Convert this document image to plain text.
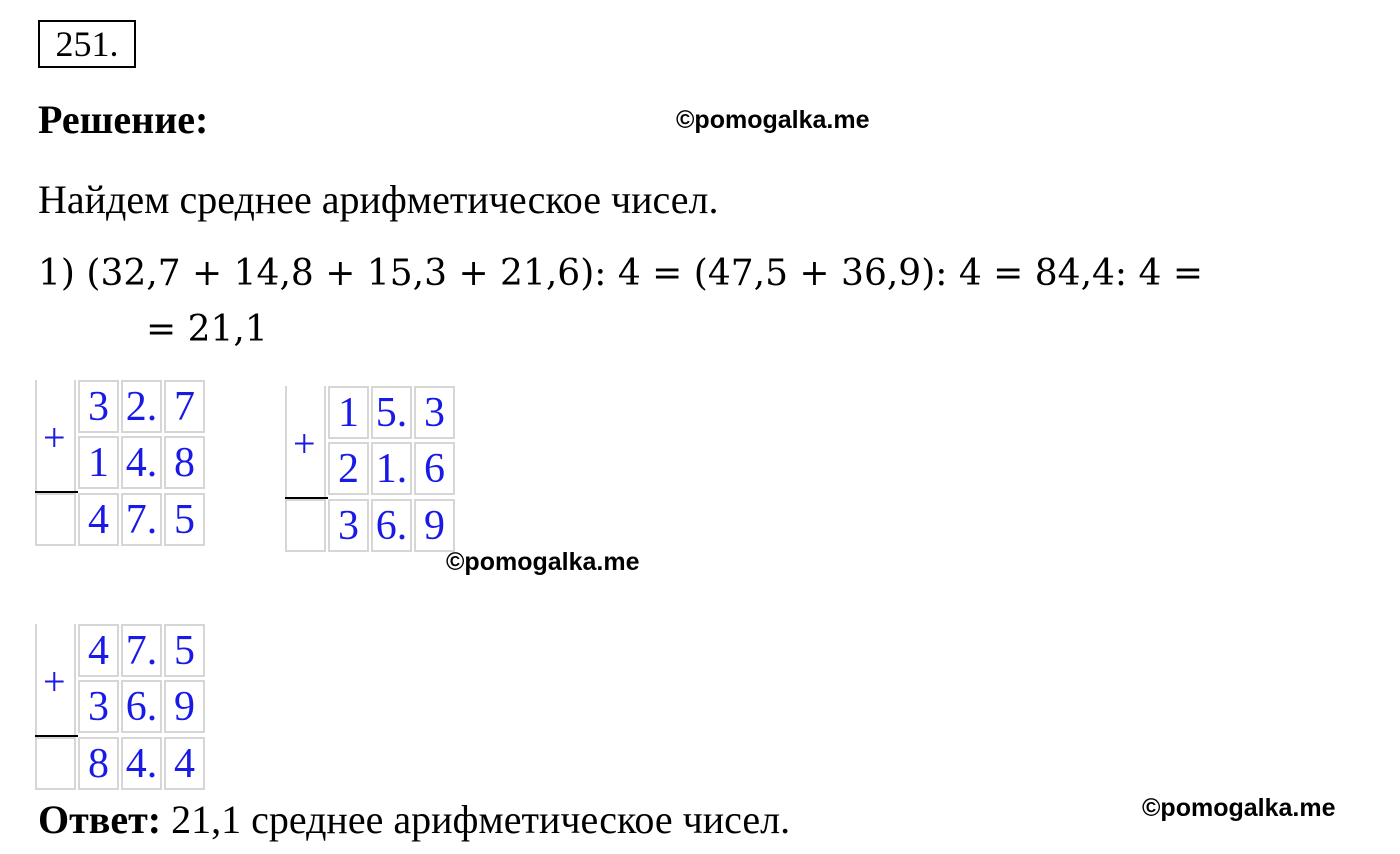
251.
Решение:	©pomogalka.me
Найдем среднее арифметическое чисел.
1) (32,7 + 14,8 + 15,3 + 21,6): 4 = (47,5 + 36,9): 4 = 84,4: 4 =
= 21,1
+
3 2. 7
1 4. 8
4 7. 5
+
1 5. 3
2 1. 6
3 6. 9
©pomogalka.me
+
4 7. 5
3 6. 9
8 4. 4
Ответ: 21,1 среднее арифметическое чисел.	©pomogalka.me
